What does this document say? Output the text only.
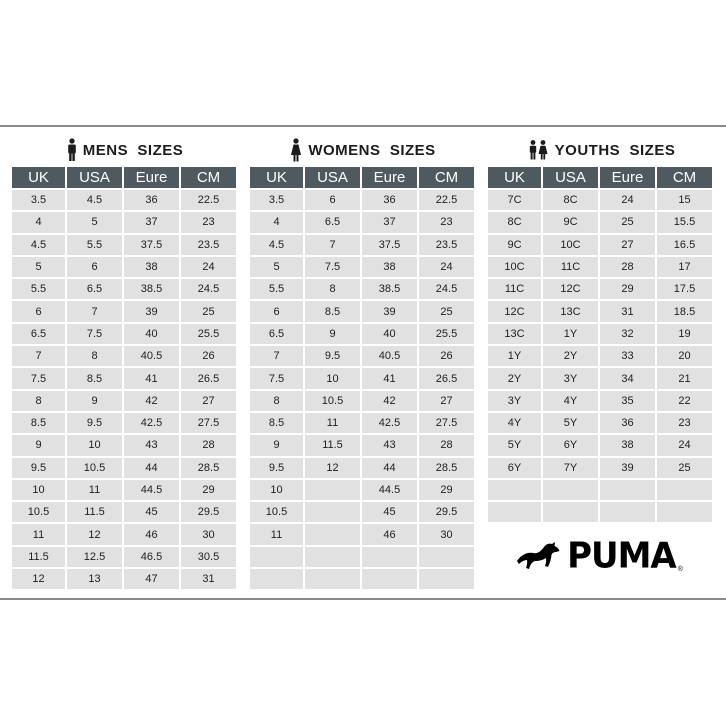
MENS  SIZES
UK	USA	Eure	CM
3.5	4.5	36	22.5
4	5	37	23
4.5	5.5	37.5	23.5
5	6	38	24
5.5	6.5	38.5	24.5
6	7	39	25
6.5	7.5	40	25.5
7	8	40.5	26
7.5	8.5	41	26.5
8	9	42	27
8.5	9.5	42.5	27.5
9	10	43	28
9.5	10.5	44	28.5
10	11	44.5	29
10.5	11.5	45	29.5
11	12	46	30
11.5	12.5	46.5	30.5
12	13	47	31
WOMENS  SIZES
UK	USA	Eure	CM
3.5	6	36	22.5
4	6.5	37	23
4.5	7	37.5	23.5
5	7.5	38	24
5.5	8	38.5	24.5
6	8.5	39	25
6.5	9	40	25.5
7	9.5	40.5	26
7.5	10	41	26.5
8	10.5	42	27
8.5	11	42.5	27.5
9	11.5	43	28
9.5	12	44	28.5
10		44.5	29
10.5		45	29.5
11		46	30

YOUTHS  SIZES
UK	USA	Eure	CM
7C	8C	24	15
8C	9C	25	15.5
9C	10C	27	16.5
10C	11C	28	17
11C	12C	29	17.5
12C	13C	31	18.5
13C	1Y	32	19
1Y	2Y	33	20
2Y	3Y	34	21
3Y	4Y	35	22
4Y	5Y	36	23
5Y	6Y	38	24
6Y	7Y	39	25

PUMA ®
